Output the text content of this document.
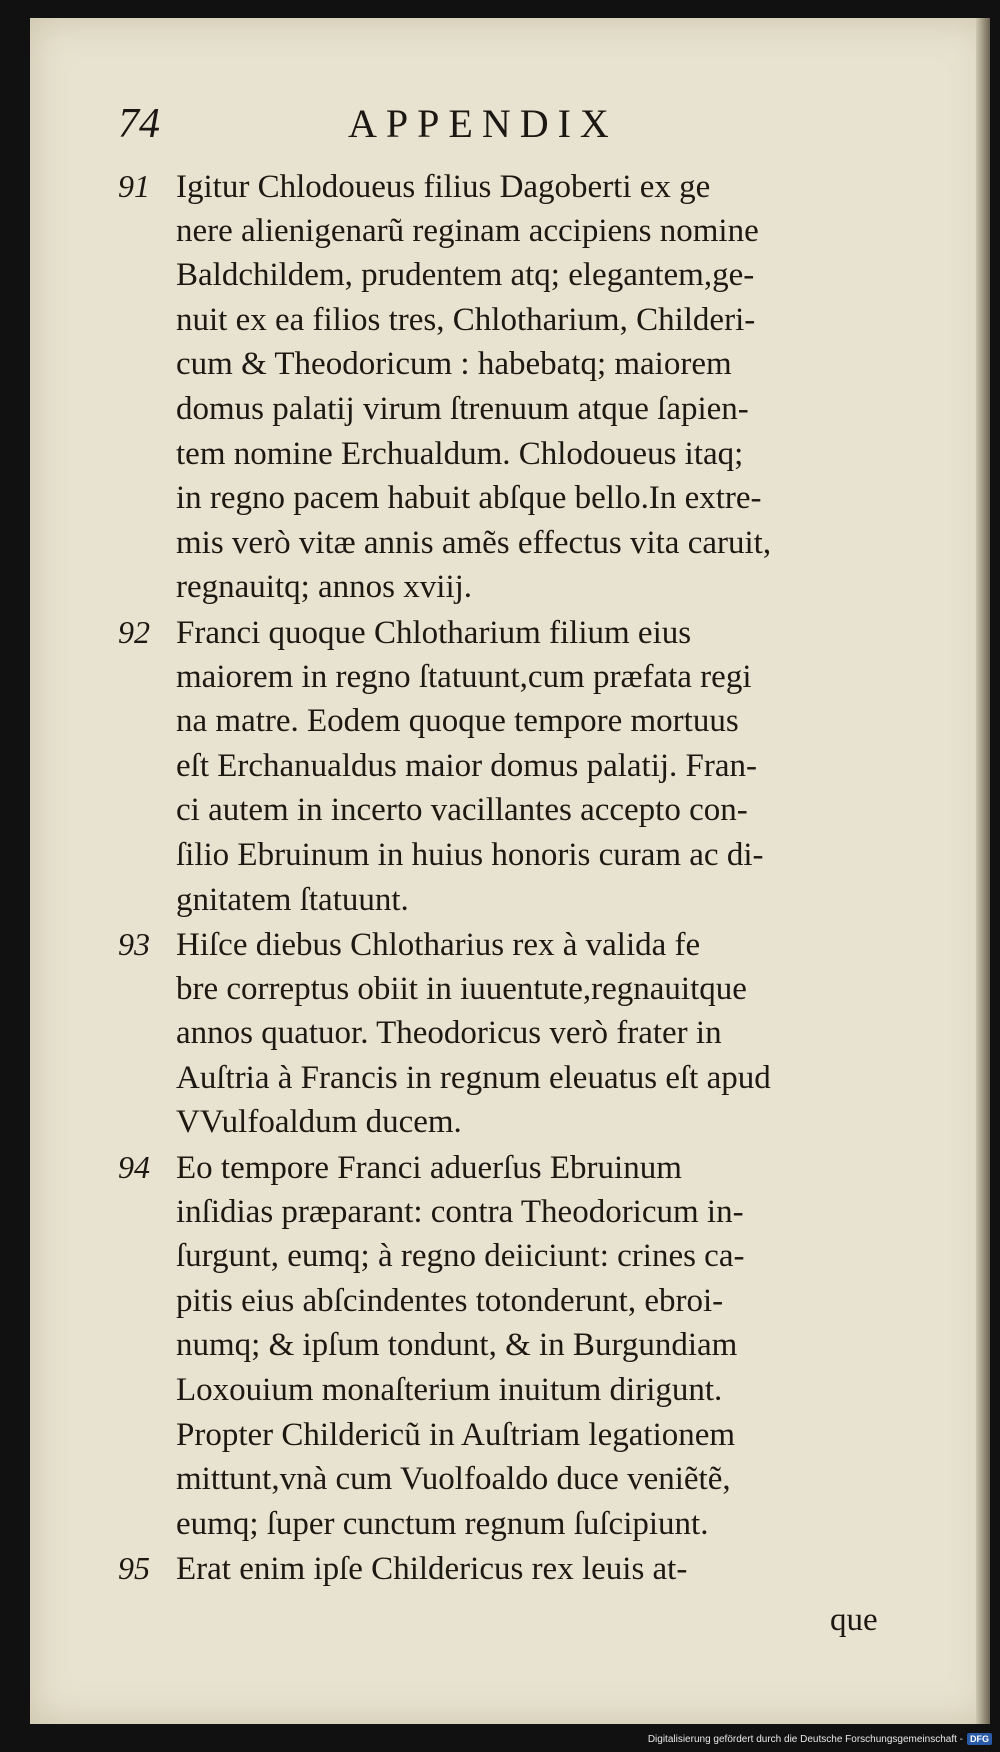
74	APPENDIX
91 Igitur Chlodoueus filius Dagoberti ex ge
nere alienigenarũ reginam accipiens nomine
Baldchildem, prudentem atq; elegantem,ge-
nuit ex ea filios tres, Chlotharium, Childeri-
cum & Theodoricum : habebatq; maiorem
domus palatij virum ſtrenuum atque ſapien-
tem nomine Erchualdum. Chlodoueus itaq;
in regno pacem habuit abſque bello.In extre-
mis verò vitæ annis amẽs effectus vita caruit,
regnauitq; annos xviij.
92 Franci quoque Chlotharium filium eius
maiorem in regno ſtatuunt,cum præfata regi
na matre. Eodem quoque tempore mortuus
eſt Erchanualdus maior domus palatij. Fran-
ci autem in incerto vacillantes accepto con-
ſilio Ebruinum in huius honoris curam ac di-
gnitatem ſtatuunt.
93 Hiſce diebus Chlotharius rex à valida fe
bre correptus obiit in iuuentute,regnauitque
annos quatuor. Theodoricus verò frater in
Auſtria à Francis in regnum eleuatus eſt apud
VVulfoaldum ducem.
94 Eo tempore Franci aduerſus Ebruinum
inſidias præparant: contra Theodoricum in-
ſurgunt, eumq; à regno deiiciunt: crines ca-
pitis eius abſcindentes totonderunt, ebroi-
numq; & ipſum tondunt, & in Burgundiam
Loxouium monaſterium inuitum dirigunt.
Propter Childericũ in Auſtriam legationem
mittunt,vnà cum Vuolfoaldo duce veniẽtẽ,
eumq; ſuper cunctum regnum ſuſcipiunt.
95 Erat enim ipſe Childericus rex leuis at-
que
Digitalisierung gefördert durch die Deutsche Forschungsgemeinschaft - DFG
